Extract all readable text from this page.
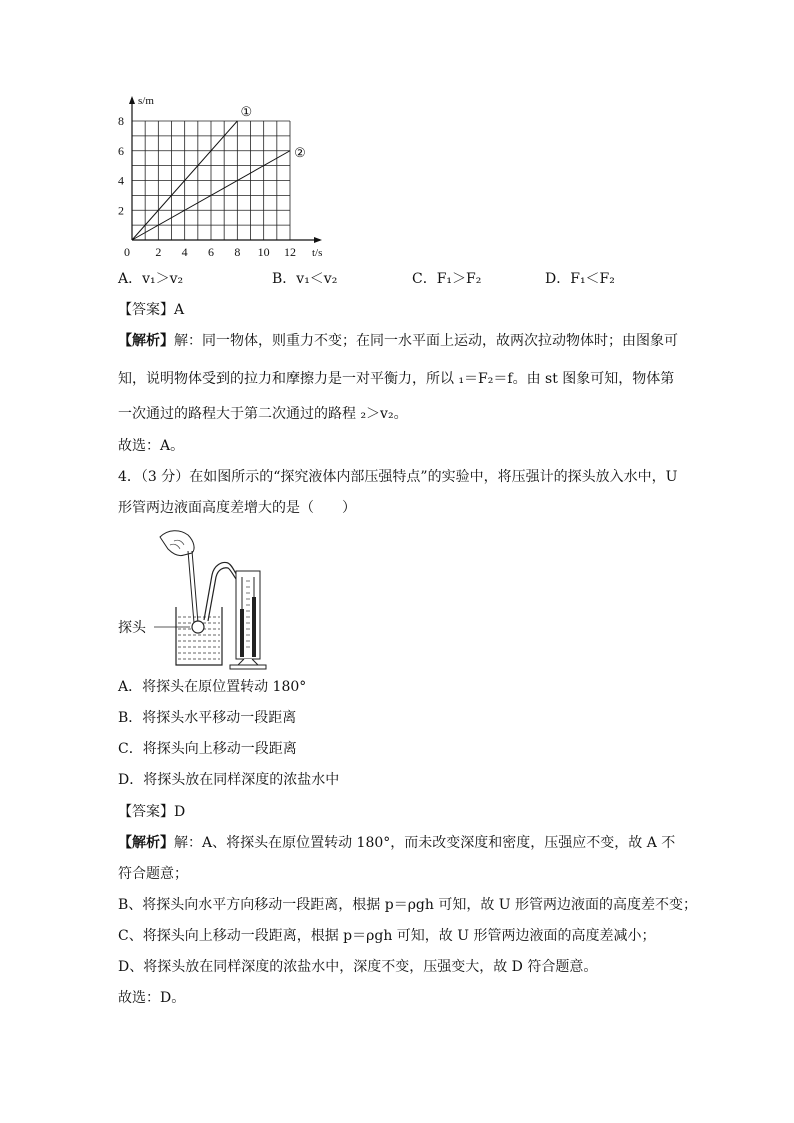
s/m
t/s
0 2 4 6 8 10 12
2
4
6
8
①
②
A．v₁＞v₂	B．v₁＜v₂	C．F₁＞F₂	D．F₁＜F₂
【答案】A
【解析】解：同一物体，则重力不变；在同一水平面上运动，故两次拉动物体时；由图象可
知，说明物体受到的拉力和摩擦力是一对平衡力，所以 ₁＝F₂＝f。由 st 图象可知，物体第
一次通过的路程大于第二次通过的路程 ₂＞v₂。
故选：A。
4．（3 分）在如图所示的“探究液体内部压强特点”的实验中，将压强计的探头放入水中，U
形管两边液面高度差增大的是（　　）
探头
A．将探头在原位置转动 180°
B．将探头水平移动一段距离
C．将探头向上移动一段距离
D．将探头放在同样深度的浓盐水中
【答案】D
【解析】解：A、将探头在原位置转动 180°，而未改变深度和密度，压强应不变，故 A 不
符合题意；
B、将探头向水平方向移动一段距离，根据 p＝ρgh 可知，故 U 形管两边液面的高度差不变；
C、将探头向上移动一段距离，根据 p＝ρgh 可知，故 U 形管两边液面的高度差减小；
D、将探头放在同样深度的浓盐水中，深度不变，压强变大，故 D 符合题意。
故选：D。
